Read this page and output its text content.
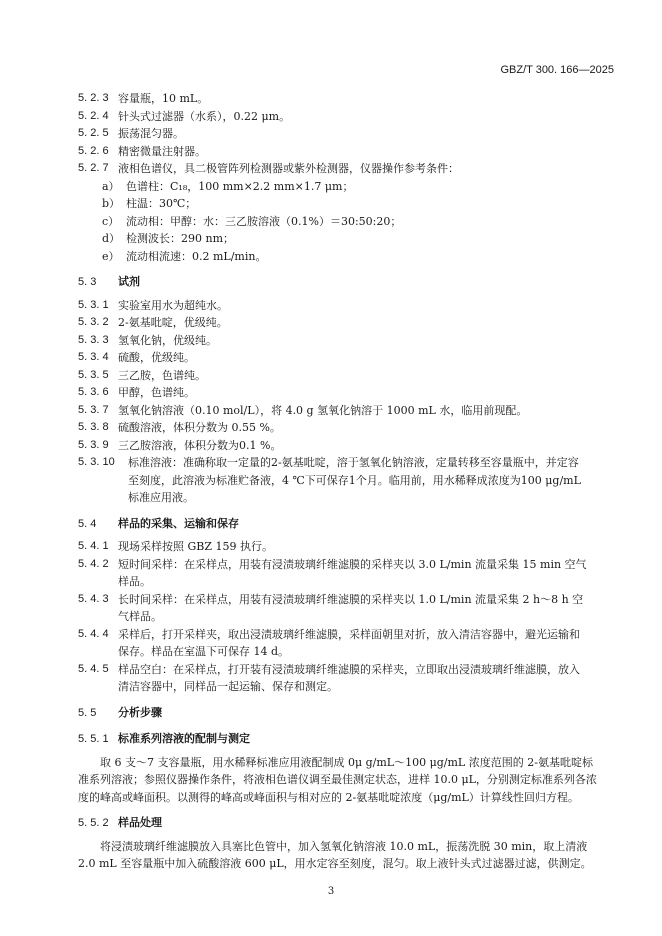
GBZ/T 300. 166—2025
5. 2. 3 容量瓶，10 mL。
5. 2. 4 针头式过滤器（水系），0.22 μm。
5. 2. 5 振荡混匀器。
5. 2. 6 精密微量注射器。
5. 2. 7 液相色谱仪，具二极管阵列检测器或紫外检测器，仪器操作参考条件：
a） 色谱柱：C₁₈，100 mm×2.2 mm×1.7 μm；
b） 柱温：30℃；
c） 流动相：甲醇：水：三乙胺溶液（0.1%）＝30:50:20；
d） 检测波长：290 nm；
e） 流动相流速：0.2 mL/min。
5. 3	试剂
5. 3. 1 实验室用水为超纯水。
5. 3. 2 2-氨基吡啶，优级纯。
5. 3. 3 氢氧化钠，优级纯。
5. 3. 4 硫酸，优级纯。
5. 3. 5 三乙胺，色谱纯。
5. 3. 6 甲醇，色谱纯。
5. 3. 7 氢氧化钠溶液（0.10 mol/L），将 4.0 g 氢氧化钠溶于 1000 mL 水，临用前现配。
5. 3. 8 硫酸溶液，体积分数为 0.55 %。
5. 3. 9 三乙胺溶液，体积分数为0.1 %。
5. 3. 10	标准溶液：准确称取一定量的2-氨基吡啶，溶于氢氧化钠溶液，定量转移至容量瓶中，并定容至刻度，此溶液为标准贮备液，4 ℃下可保存1个月。临用前，用水稀释成浓度为100 μg/mL标准应用液。
5. 4	样品的采集、运输和保存
5. 4. 1 现场采样按照 GBZ 159 执行。
5. 4. 2 短时间采样：在采样点，用装有浸渍玻璃纤维滤膜的采样夹以 3.0 L/min 流量采集 15 min 空气样品。
5. 4. 3 长时间采样：在采样点，用装有浸渍玻璃纤维滤膜的采样夹以 1.0 L/min 流量采集 2 h～8 h 空气样品。
5. 4. 4 采样后，打开采样夹，取出浸渍玻璃纤维滤膜，采样面朝里对折，放入清洁容器中，避光运输和保存。样品在室温下可保存 14 d。
5. 4. 5 样品空白：在采样点，打开装有浸渍玻璃纤维滤膜的采样夹，立即取出浸渍玻璃纤维滤膜，放入清洁容器中，同样品一起运输、保存和测定。
5. 5	分析步骤
5. 5. 1 标准系列溶液的配制与测定
取 6 支～7 支容量瓶，用水稀释标准应用液配制成 0μ g/mL～100 μg/mL 浓度范围的 2-氨基吡啶标准系列溶液；参照仪器操作条件，将液相色谱仪调至最佳测定状态，进样 10.0 μL，分别测定标准系列各浓度的峰高或峰面积。以测得的峰高或峰面积与相对应的 2-氨基吡啶浓度（μg/mL）计算线性回归方程。
5. 5. 2 样品处理
将浸渍玻璃纤维滤膜放入具塞比色管中，加入氢氧化钠溶液 10.0 mL，振荡洗脱 30 min，取上清液 2.0 mL 至容量瓶中加入硫酸溶液 600 μL，用水定容至刻度，混匀。取上液针头式过滤器过滤，供测定。
3
